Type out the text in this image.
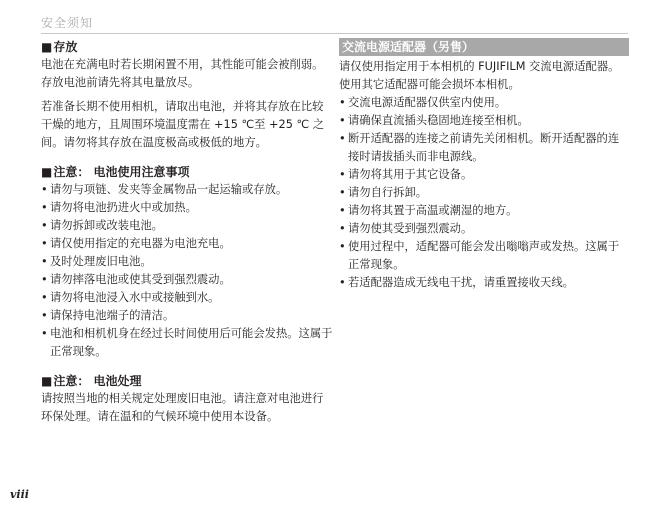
安全须知
■存放

电池在充满电时若长期闲置不用，其性能可能会被削弱。存放电池前请先将其电量放尽。

若准备长期不使用相机，请取出电池，并将其存放在比较干燥的地方，且周围环境温度需在 +15 ℃至 +25 ℃ 之间。请勿将其存放在温度极高或极低的地方。

■注意： 电池使用注意事项
• 请勿与项链、发夹等金属物品一起运输或存放。
• 请勿将电池扔进火中或加热。
• 请勿拆卸或改装电池。
• 请仅使用指定的充电器为电池充电。
• 及时处理废旧电池。
• 请勿摔落电池或使其受到强烈震动。
• 请勿将电池浸入水中或接触到水。
• 请保持电池端子的清洁。
• 电池和相机机身在经过长时间使用后可能会发热。这属于正常现象。
■注意： 电池处理

请按照当地的相关规定处理废旧电池。请注意对电池进行环保处理。请在温和的气候环境中使用本设备。

交流电源适配器（另售）

请仅使用指定用于本相机的 FUJIFILM 交流电源适配器。使用其它适配器可能会损坏本相机。

• 交流电源适配器仅供室内使用。
• 请确保直流插头稳固地连接至相机。
• 断开适配器的连接之前请先关闭相机。断开适配器的连接时请拔插头而非电源线。
• 请勿将其用于其它设备。
• 请勿自行拆卸。
• 请勿将其置于高温或潮湿的地方。
• 请勿使其受到强烈震动。
• 使用过程中，适配器可能会发出嗡嗡声或发热。这属于正常现象。
• 若适配器造成无线电干扰，请重置接收天线。
viii
